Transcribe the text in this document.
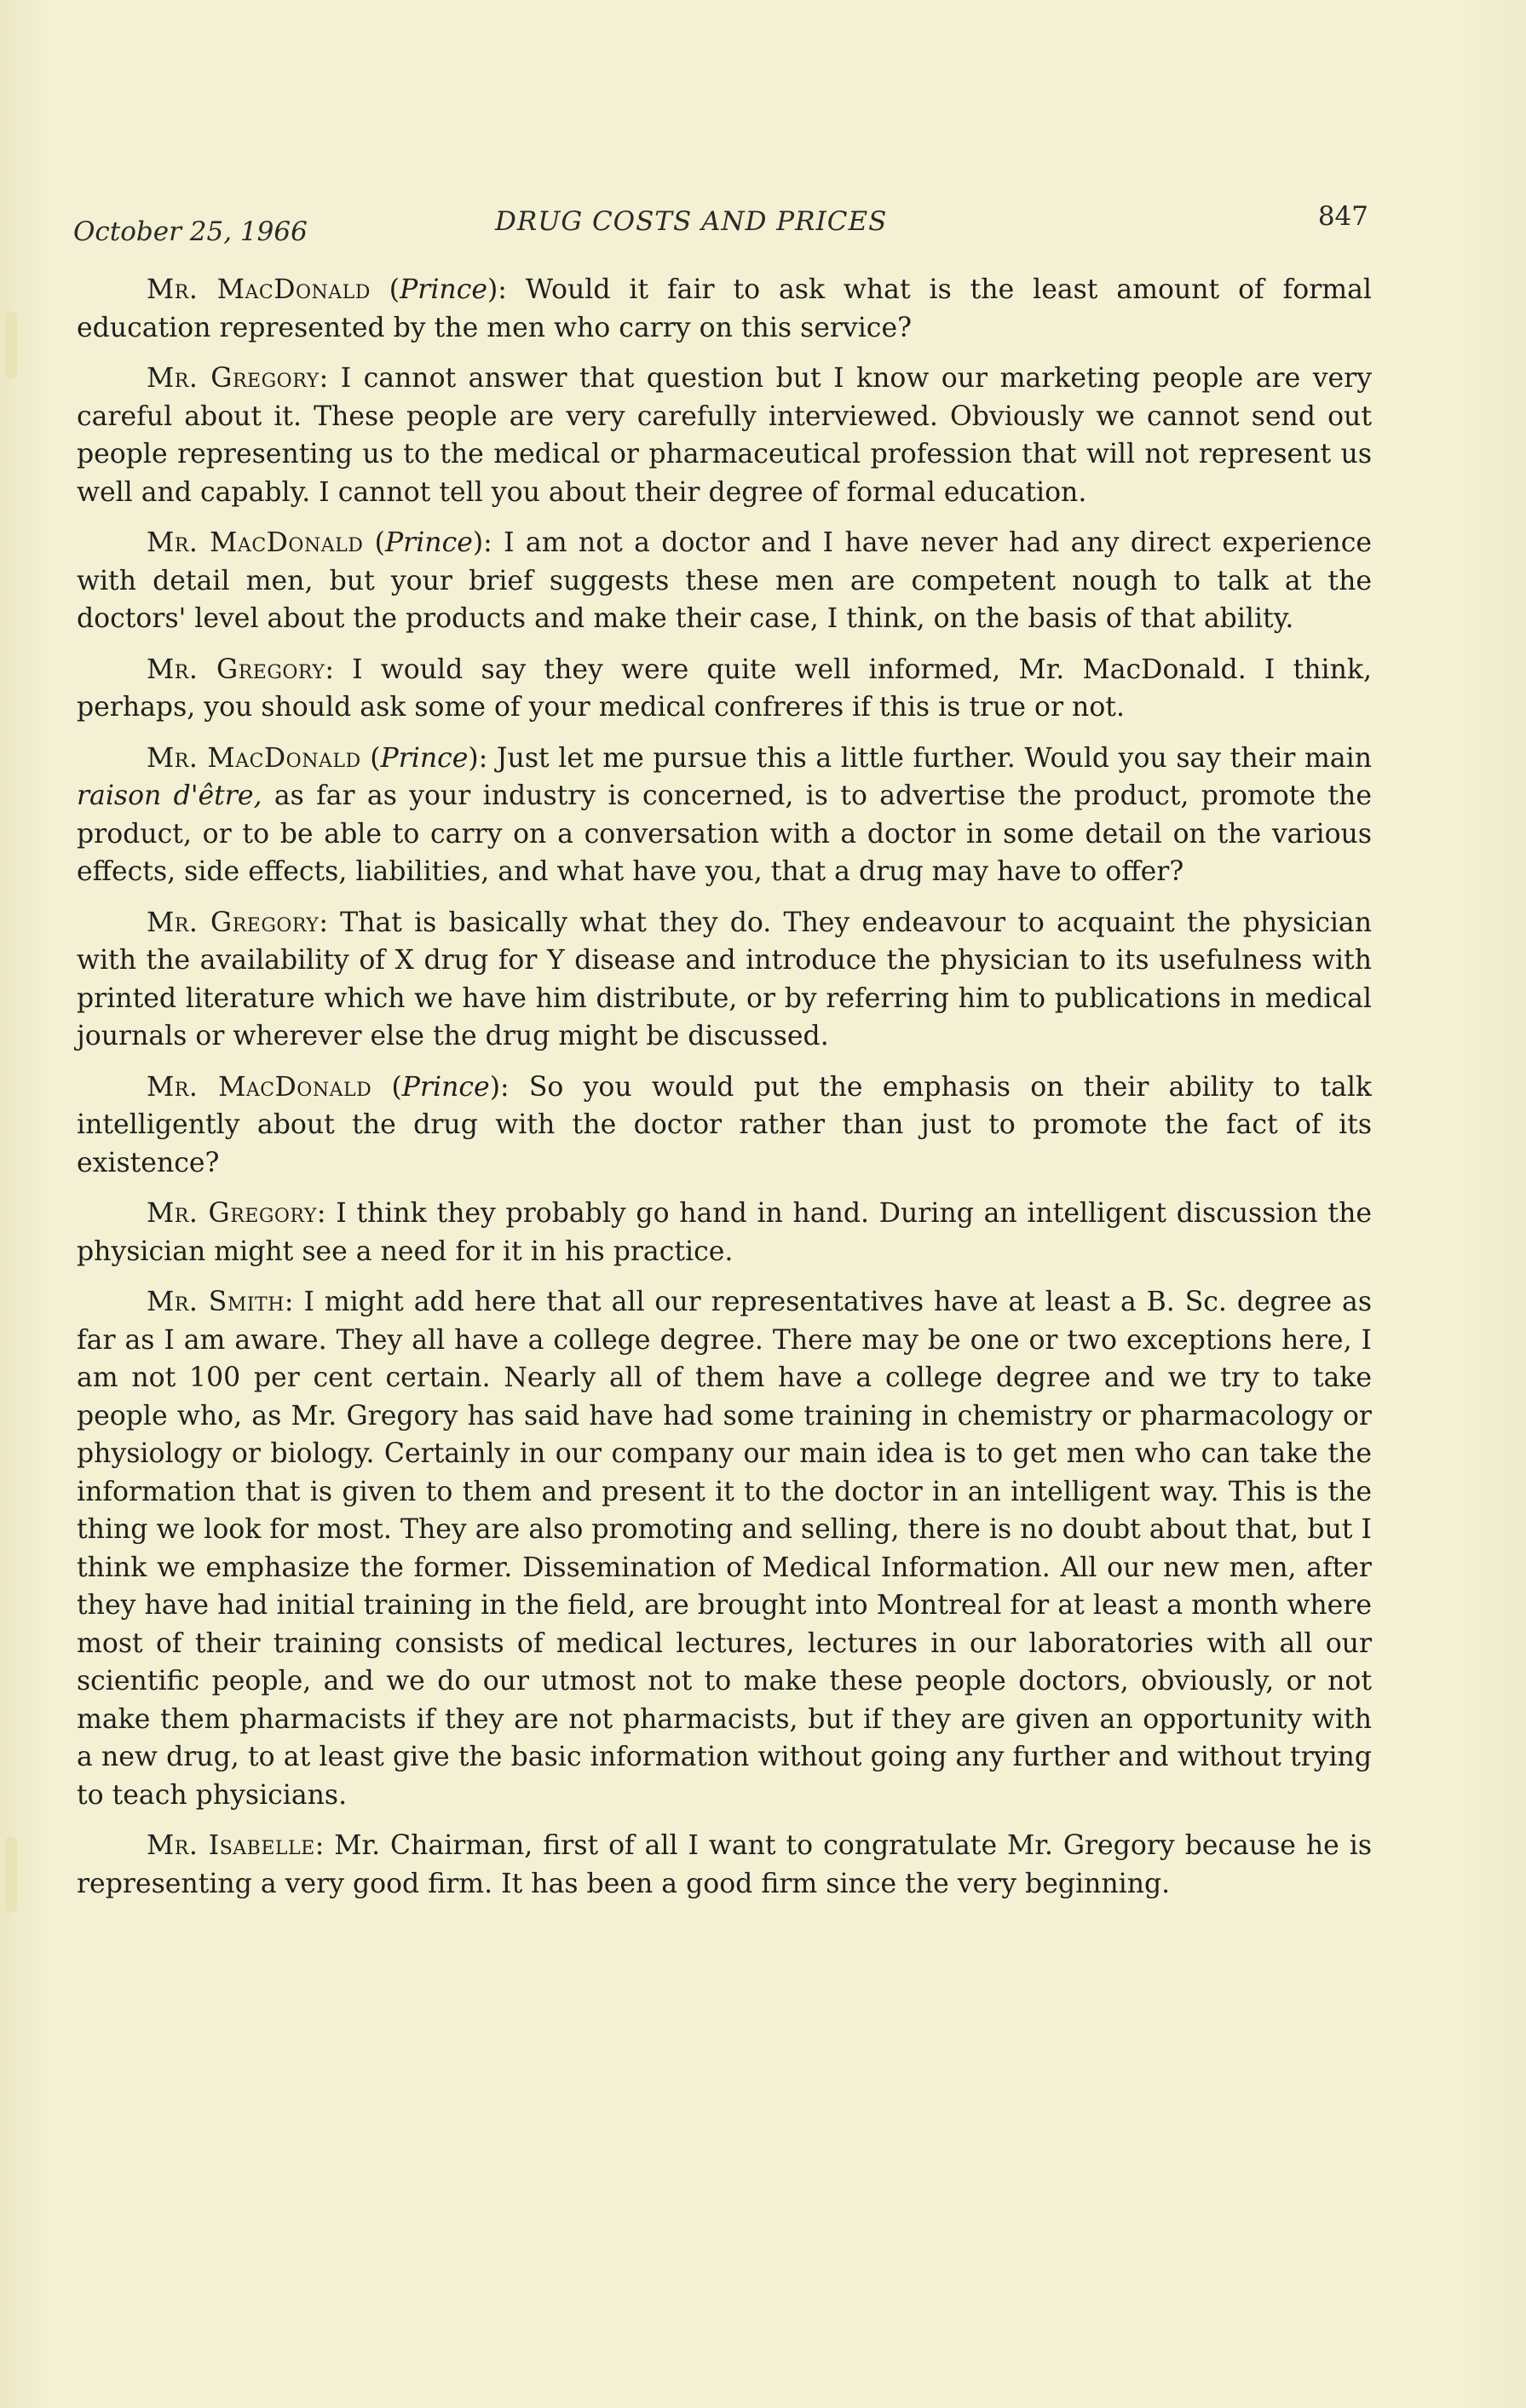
October 25, 1966	DRUG COSTS AND PRICES	847

Mr. MacDonald (Prince): Would it fair to ask what is the least amount of formal education represented by the men who carry on this service?

Mr. Gregory: I cannot answer that question but I know our marketing people are very careful about it. These people are very carefully interviewed. Obviously we cannot send out people representing us to the medical or pharmaceutical profession that will not represent us well and capably. I cannot tell you about their degree of formal education.

Mr. MacDonald (Prince): I am not a doctor and I have never had any direct experience with detail men, but your brief suggests these men are competent nough to talk at the doctors' level about the products and make their case, I think, on the basis of that ability.

Mr. Gregory: I would say they were quite well informed, Mr. MacDonald. I think, perhaps, you should ask some of your medical confreres if this is true or not.

Mr. MacDonald (Prince): Just let me pursue this a little further. Would you say their main raison d'être, as far as your industry is concerned, is to advertise the product, promote the product, or to be able to carry on a conversation with a doctor in some detail on the various effects, side effects, liabilities, and what have you, that a drug may have to offer?

Mr. Gregory: That is basically what they do. They endeavour to acquaint the physician with the availability of X drug for Y disease and introduce the physician to its usefulness with printed literature which we have him distribute, or by referring him to publications in medical journals or wherever else the drug might be discussed.

Mr. MacDonald (Prince): So you would put the emphasis on their ability to talk intelligently about the drug with the doctor rather than just to promote the fact of its existence?

Mr. Gregory: I think they probably go hand in hand. During an intelligent discussion the physician might see a need for it in his practice.

Mr. Smith: I might add here that all our representatives have at least a B. Sc. degree as far as I am aware. They all have a college degree. There may be one or two exceptions here, I am not 100 per cent certain. Nearly all of them have a college degree and we try to take people who, as Mr. Gregory has said have had some training in chemistry or pharmacology or physiology or biology. Certainly in our company our main idea is to get men who can take the information that is given to them and present it to the doctor in an intelligent way. This is the thing we look for most. They are also promoting and selling, there is no doubt about that, but I think we emphasize the former. Dissemination of Medical Information. All our new men, after they have had initial training in the field, are brought into Montreal for at least a month where most of their training consists of medical lectures, lectures in our laboratories with all our scientific people, and we do our utmost not to make these people doctors, obviously, or not make them pharmacists if they are not pharmacists, but if they are given an opportunity with a new drug, to at least give the basic information without going any further and without trying to teach physicians.

Mr. Isabelle: Mr. Chairman, first of all I want to congratulate Mr. Gregory because he is representing a very good firm. It has been a good firm since the very beginning.
